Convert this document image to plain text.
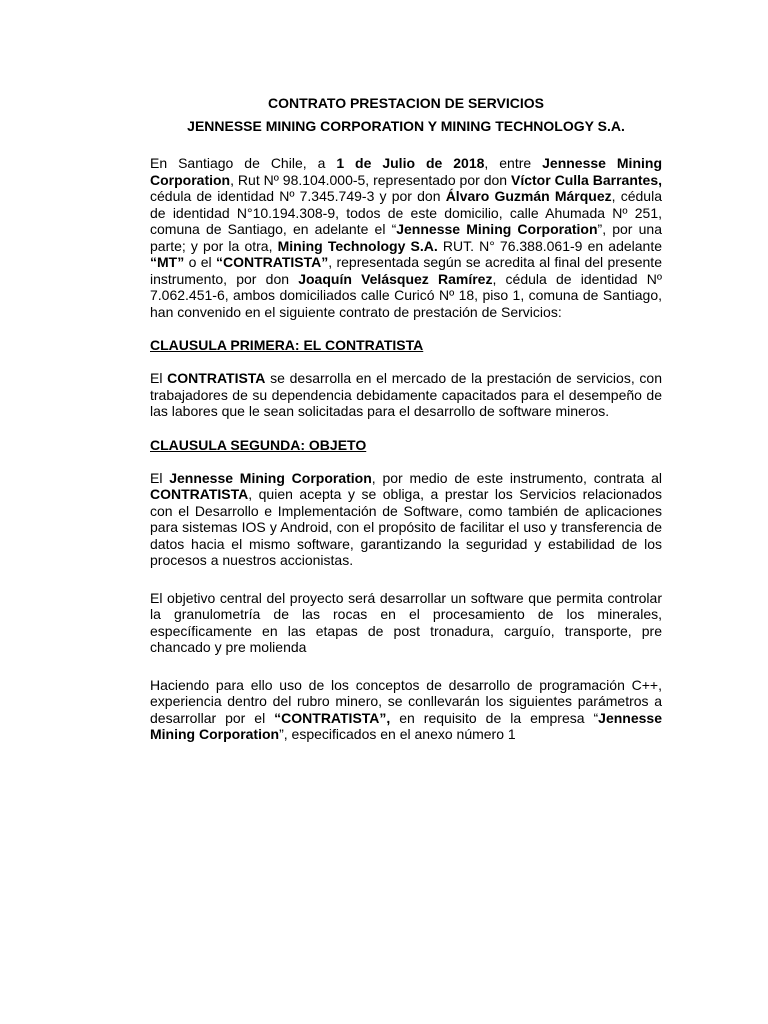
CONTRATO PRESTACION DE SERVICIOS

JENNESSE MINING CORPORATION Y MINING TECHNOLOGY S.A.

En Santiago de Chile, a 1 de Julio de 2018, entre Jennesse Mining Corporation, Rut Nº 98.104.000-5, representado por don Víctor Culla Barrantes, cédula de identidad Nº 7.345.749-3 y por don Álvaro Guzmán Márquez, cédula de identidad N°10.194.308-9, todos de este domicilio, calle Ahumada Nº 251, comuna de Santiago, en adelante el “Jennesse Mining Corporation”, por una parte; y por la otra, Mining Technology S.A. RUT. N° 76.388.061-9 en adelante “MT” o el “CONTRATISTA”, representada según se acredita al final del presente instrumento, por don Joaquín Velásquez Ramírez, cédula de identidad Nº 7.062.451-6, ambos domiciliados calle Curicó Nº 18, piso 1, comuna de Santiago, han convenido en el siguiente contrato de prestación de Servicios:

CLAUSULA PRIMERA: EL CONTRATISTA

El CONTRATISTA se desarrolla en el mercado de la prestación de servicios, con trabajadores de su dependencia debidamente capacitados para el desempeño de las labores que le sean solicitadas para el desarrollo de software mineros.

CLAUSULA SEGUNDA: OBJETO

El Jennesse Mining Corporation, por medio de este instrumento, contrata al CONTRATISTA, quien acepta y se obliga, a prestar los Servicios relacionados con el Desarrollo e Implementación de Software, como también de aplicaciones para sistemas IOS y Android, con el propósito de facilitar el uso y transferencia de datos hacia el mismo software, garantizando la seguridad y estabilidad de los procesos a nuestros accionistas.

El objetivo central del proyecto será desarrollar un software que permita controlar la granulometría de las rocas en el procesamiento de los minerales, específicamente en las etapas de post tronadura, carguío, transporte, pre chancado y pre molienda

Haciendo para ello uso de los conceptos de desarrollo de programación C++, experiencia dentro del rubro minero, se conllevarán los siguientes parámetros a desarrollar por el “CONTRATISTA”, en requisito de la empresa “Jennesse Mining Corporation”, especificados en el anexo número 1
